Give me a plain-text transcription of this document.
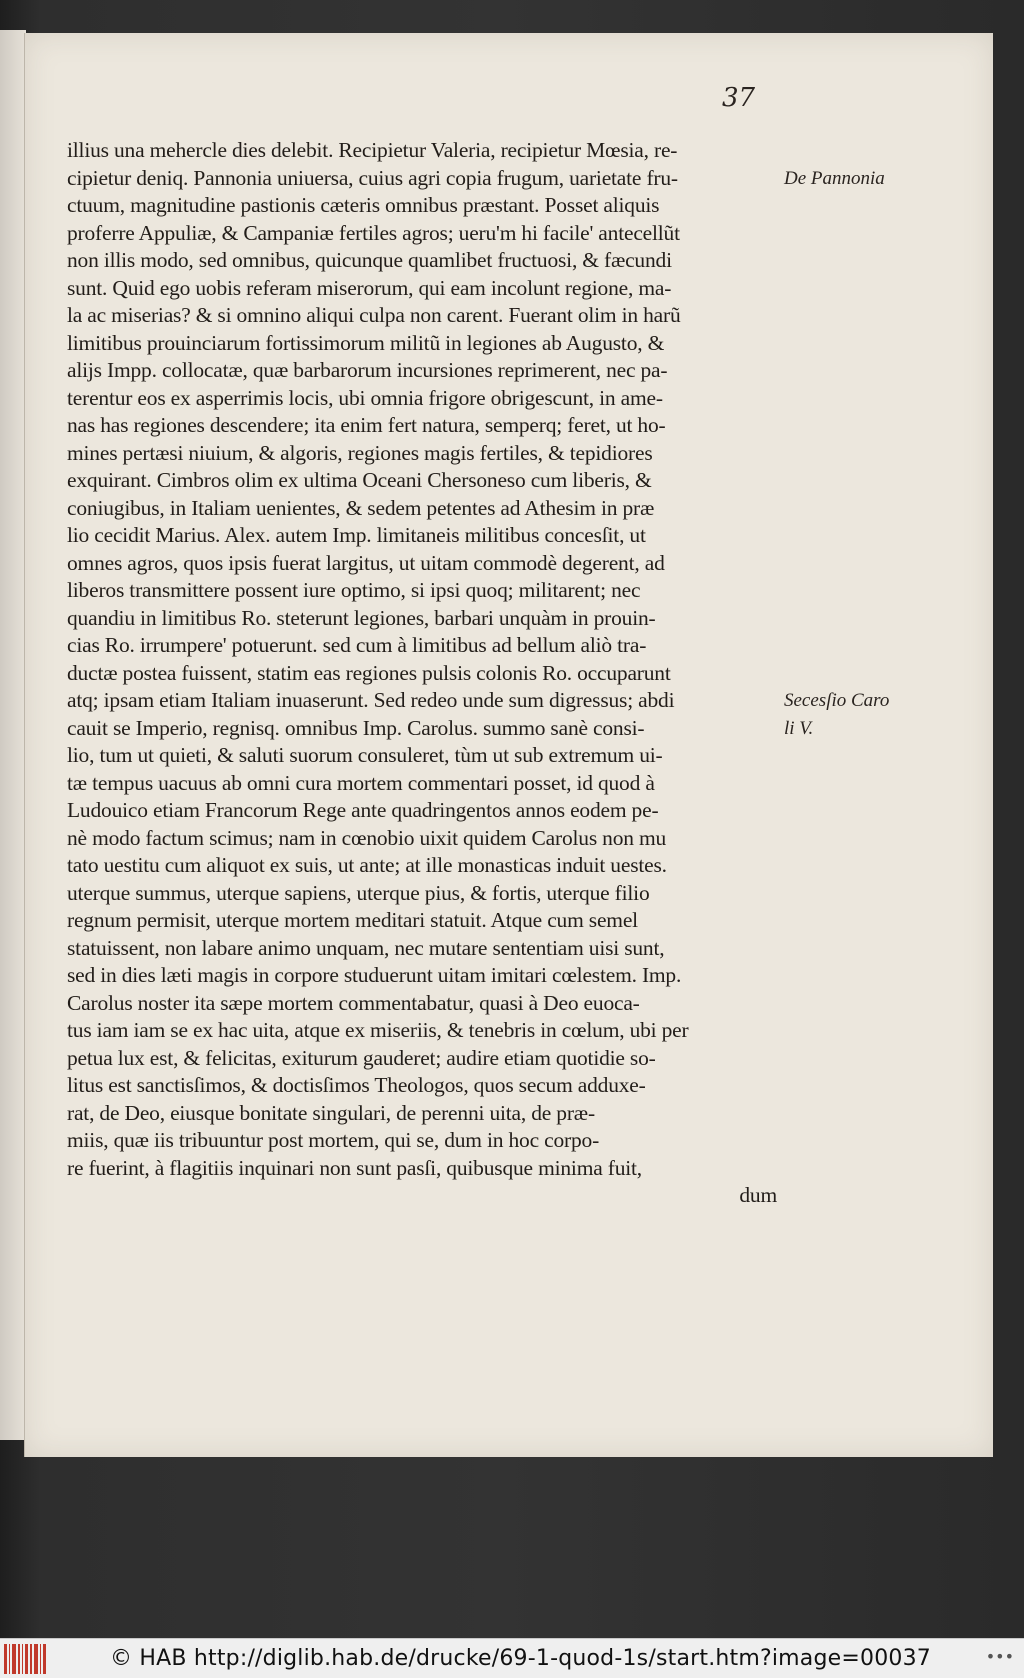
37
illius una mehercle dies delebit. Recipietur Valeria, recipietur Mœsia, re-
cipietur deniq. Pannonia uniuersa, cuius agri copia frugum, uarietate fru-
ctuum, magnitudine pastionis cæteris omnibus præstant. Posset aliquis
proferre Appuliæ, & Campaniæ fertiles agros; ueru'm hi facile' antecellũt
non illis modo, sed omnibus, quicunque quamlibet fructuosi, & fæcundi
sunt. Quid ego uobis referam miserorum, qui eam incolunt regione, ma-
la ac miserias? & si omnino aliqui culpa non carent. Fuerant olim in harũ
limitibus prouinciarum fortissimorum militũ in legiones ab Augusto, &
alijs Impp. collocatæ, quæ barbarorum incursiones reprimerent, nec pa-
terentur eos ex asperrimis locis, ubi omnia frigore obrigescunt, in ame-
nas has regiones descendere; ita enim fert natura, semperq; feret, ut ho-
mines pertæsi niuium, & algoris, regiones magis fertiles, & tepidiores
exquirant. Cimbros olim ex ultima Oceani Chersoneso cum liberis, &
coniugibus, in Italiam uenientes, & sedem petentes ad Athesim in præ
lio cecidit Marius. Alex. autem Imp. limitaneis militibus concesſit, ut
omnes agros, quos ipsis fuerat largitus, ut uitam commodè degerent, ad
liberos transmittere possent iure optimo, si ipsi quoq; militarent; nec
quandiu in limitibus Ro. steterunt legiones, barbari unquàm in prouin-
cias Ro. irrumpere' potuerunt. sed cum à limitibus ad bellum aliò tra-
ductæ postea fuissent, statim eas regiones pulsis colonis Ro. occuparunt
atq; ipsam etiam Italiam inuaserunt. Sed redeo unde sum digressus; abdi
cauit se Imperio, regnisq. omnibus Imp. Carolus. summo sanè consi-
lio, tum ut quieti, & saluti suorum consuleret, tùm ut sub extremum ui-
tæ tempus uacuus ab omni cura mortem commentari posset, id quod à
Ludouico etiam Francorum Rege ante quadringentos annos eodem pe-
nè modo factum scimus; nam in cœnobio uixit quidem Carolus non mu
tato uestitu cum aliquot ex suis, ut ante; at ille monasticas induit uestes.
uterque summus, uterque sapiens, uterque pius, & fortis, uterque filio
regnum permisit, uterque mortem meditari statuit. Atque cum semel
statuissent, non labare animo unquam, nec mutare sententiam uisi sunt,
sed in dies læti magis in corpore studuerunt uitam imitari cœlestem. Imp.
Carolus noster ita sæpe mortem commentabatur, quasi à Deo euoca-
tus iam iam se ex hac uita, atque ex miseriis, & tenebris in cœlum, ubi per
petua lux est, & felicitas, exiturum gauderet; audire etiam quotidie so-
litus est sanctisſimos, & doctisſimos Theologos, quos secum adduxe-
rat, de Deo, eiusque bonitate singulari, de perenni uita, de præ-
miis, quæ iis tribuuntur post mortem, qui se, dum in hoc corpo-
re fuerint, à flagitiis inquinari non sunt pasſi, quibusque minima fuit,
dum
De Pannonia
Secesſio Caro
li V.
© HAB http://diglib.hab.de/drucke/69-1-quod-1s/start.htm?image=00037	•••
